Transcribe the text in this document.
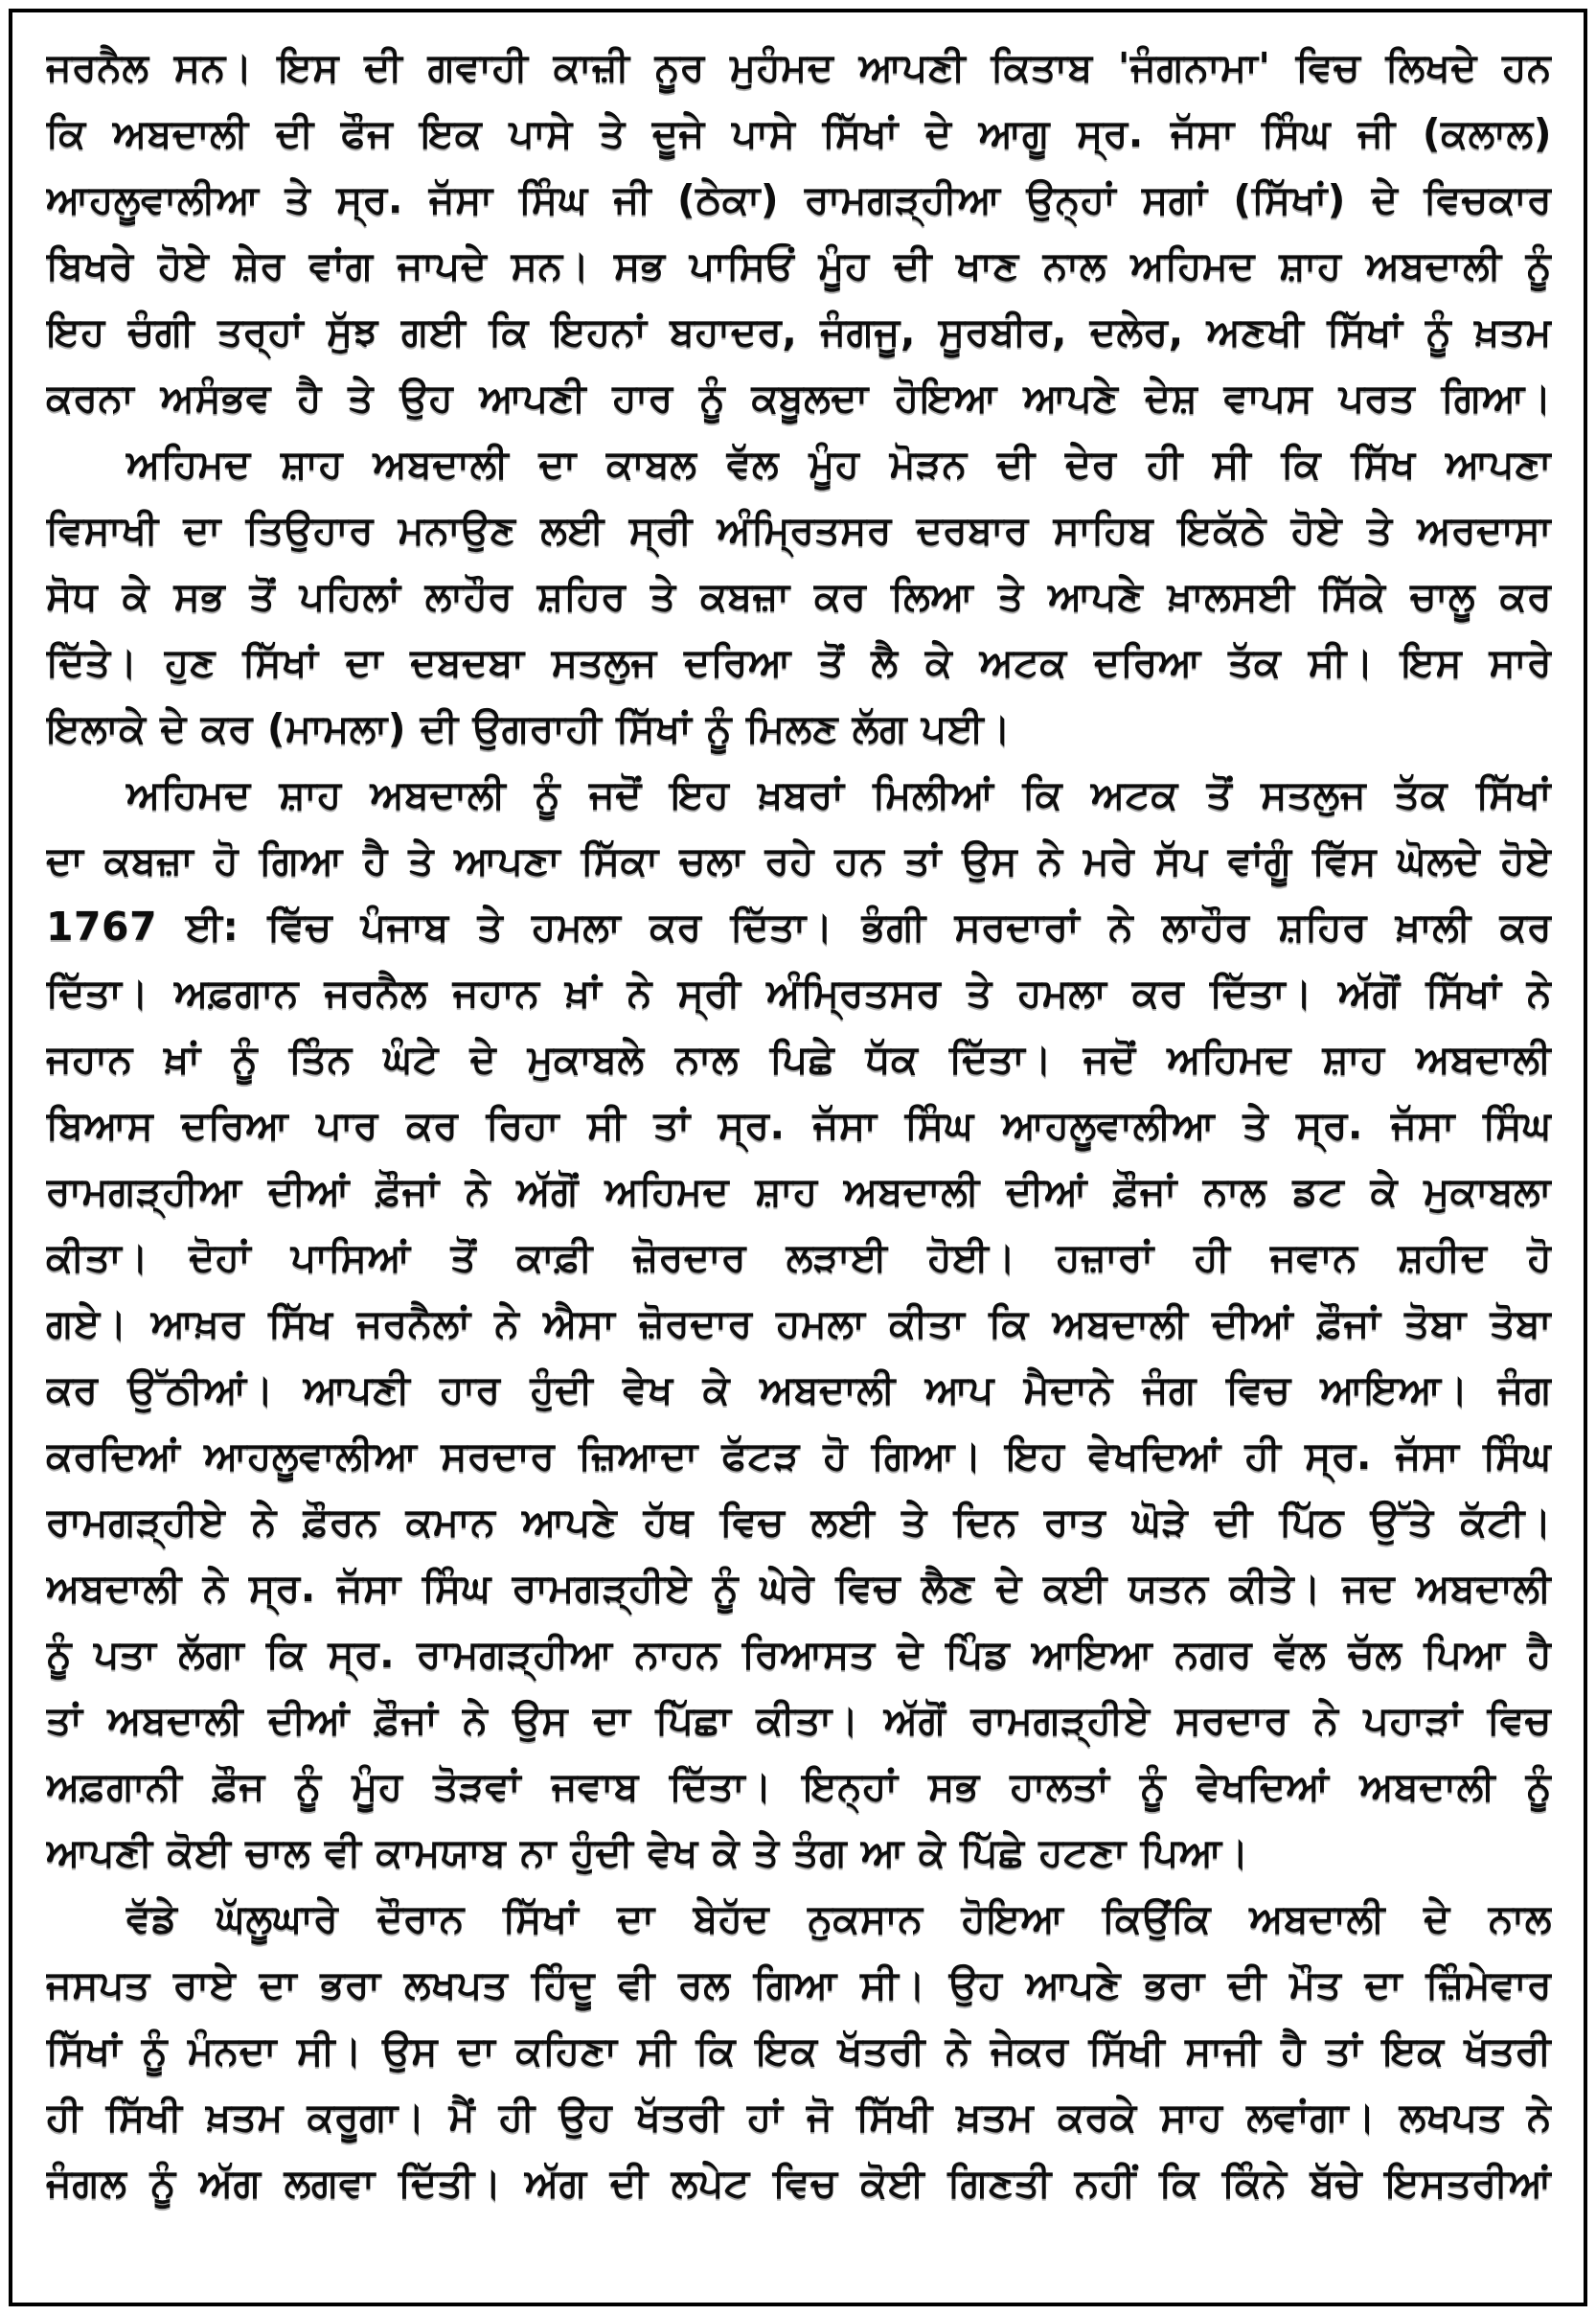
ਜਰਨੈਲ ਸਨ। ਇਸ ਦੀ ਗਵਾਹੀ ਕਾਜ਼ੀ ਨੂਰ ਮੁਹੰਮਦ ਆਪਣੀ ਕਿਤਾਬ 'ਜੰਗਨਾਮਾ' ਵਿਚ ਲਿਖਦੇ ਹਨ
ਕਿ ਅਬਦਾਲੀ ਦੀ ਫੌਜ ਇਕ ਪਾਸੇ ਤੇ ਦੂਜੇ ਪਾਸੇ ਸਿੱਖਾਂ ਦੇ ਆਗੂ ਸ੍ਰ. ਜੱਸਾ ਸਿੰਘ ਜੀ (ਕਲਾਲ)
ਆਹਲੂਵਾਲੀਆ ਤੇ ਸ੍ਰ. ਜੱਸਾ ਸਿੰਘ ਜੀ (ਠੇਕਾ) ਰਾਮਗੜ੍ਹੀਆ ਉਨ੍ਹਾਂ ਸਗਾਂ (ਸਿੱਖਾਂ) ਦੇ ਵਿਚਕਾਰ
ਬਿਖਰੇ ਹੋਏ ਸ਼ੇਰ ਵਾਂਗ ਜਾਪਦੇ ਸਨ। ਸਭ ਪਾਸਿਓਂ ਮੂੰਹ ਦੀ ਖਾਣ ਨਾਲ ਅਹਿਮਦ ਸ਼ਾਹ ਅਬਦਾਲੀ ਨੂੰ
ਇਹ ਚੰਗੀ ਤਰ੍ਹਾਂ ਸੁੱਝ ਗਈ ਕਿ ਇਹਨਾਂ ਬਹਾਦਰ, ਜੰਗਜੂ, ਸੂਰਬੀਰ, ਦਲੇਰ, ਅਣਖੀ ਸਿੱਖਾਂ ਨੂੰ ਖ਼ਤਮ
ਕਰਨਾ ਅਸੰਭਵ ਹੈ ਤੇ ਉਹ ਆਪਣੀ ਹਾਰ ਨੂੰ ਕਬੂਲਦਾ ਹੋਇਆ ਆਪਣੇ ਦੇਸ਼ ਵਾਪਸ ਪਰਤ ਗਿਆ।
ਅਹਿਮਦ ਸ਼ਾਹ ਅਬਦਾਲੀ ਦਾ ਕਾਬਲ ਵੱਲ ਮੂੰਹ ਮੋੜਨ ਦੀ ਦੇਰ ਹੀ ਸੀ ਕਿ ਸਿੱਖ ਆਪਣਾ
ਵਿਸਾਖੀ ਦਾ ਤਿਉਹਾਰ ਮਨਾਉਣ ਲਈ ਸ੍ਰੀ ਅੰਮ੍ਰਿਤਸਰ ਦਰਬਾਰ ਸਾਹਿਬ ਇਕੱਠੇ ਹੋਏ ਤੇ ਅਰਦਾਸਾ
ਸੋਧ ਕੇ ਸਭ ਤੋਂ ਪਹਿਲਾਂ ਲਾਹੌਰ ਸ਼ਹਿਰ ਤੇ ਕਬਜ਼ਾ ਕਰ ਲਿਆ ਤੇ ਆਪਣੇ ਖ਼ਾਲਸਈ ਸਿੱਕੇ ਚਾਲੂ ਕਰ
ਦਿੱਤੇ। ਹੁਣ ਸਿੱਖਾਂ ਦਾ ਦਬਦਬਾ ਸਤਲੁਜ ਦਰਿਆ ਤੋਂ ਲੈ ਕੇ ਅਟਕ ਦਰਿਆ ਤੱਕ ਸੀ। ਇਸ ਸਾਰੇ
ਇਲਾਕੇ ਦੇ ਕਰ (ਮਾਮਲਾ) ਦੀ ਉਗਰਾਹੀ ਸਿੱਖਾਂ ਨੂੰ ਮਿਲਣ ਲੱਗ ਪਈ।
ਅਹਿਮਦ ਸ਼ਾਹ ਅਬਦਾਲੀ ਨੂੰ ਜਦੋਂ ਇਹ ਖ਼ਬਰਾਂ ਮਿਲੀਆਂ ਕਿ ਅਟਕ ਤੋਂ ਸਤਲੁਜ ਤੱਕ ਸਿੱਖਾਂ
ਦਾ ਕਬਜ਼ਾ ਹੋ ਗਿਆ ਹੈ ਤੇ ਆਪਣਾ ਸਿੱਕਾ ਚਲਾ ਰਹੇ ਹਨ ਤਾਂ ਉਸ ਨੇ ਮਰੇ ਸੱਪ ਵਾਂਗੂੰ ਵਿੱਸ ਘੋਲਦੇ ਹੋਏ
1767 ਈ: ਵਿੱਚ ਪੰਜਾਬ ਤੇ ਹਮਲਾ ਕਰ ਦਿੱਤਾ। ਭੰਗੀ ਸਰਦਾਰਾਂ ਨੇ ਲਾਹੌਰ ਸ਼ਹਿਰ ਖ਼ਾਲੀ ਕਰ
ਦਿੱਤਾ। ਅਫ਼ਗਾਨ ਜਰਨੈਲ ਜਹਾਨ ਖ਼ਾਂ ਨੇ ਸ੍ਰੀ ਅੰਮ੍ਰਿਤਸਰ ਤੇ ਹਮਲਾ ਕਰ ਦਿੱਤਾ। ਅੱਗੋਂ ਸਿੱਖਾਂ ਨੇ
ਜਹਾਨ ਖ਼ਾਂ ਨੂੰ ਤਿੰਨ ਘੰਟੇ ਦੇ ਮੁਕਾਬਲੇ ਨਾਲ ਪਿਛੇ ਧੱਕ ਦਿੱਤਾ। ਜਦੋਂ ਅਹਿਮਦ ਸ਼ਾਹ ਅਬਦਾਲੀ
ਬਿਆਸ ਦਰਿਆ ਪਾਰ ਕਰ ਰਿਹਾ ਸੀ ਤਾਂ ਸ੍ਰ. ਜੱਸਾ ਸਿੰਘ ਆਹਲੂਵਾਲੀਆ ਤੇ ਸ੍ਰ. ਜੱਸਾ ਸਿੰਘ
ਰਾਮਗੜ੍ਹੀਆ ਦੀਆਂ ਫ਼ੌਜਾਂ ਨੇ ਅੱਗੋਂ ਅਹਿਮਦ ਸ਼ਾਹ ਅਬਦਾਲੀ ਦੀਆਂ ਫ਼ੌਜਾਂ ਨਾਲ ਡਟ ਕੇ ਮੁਕਾਬਲਾ
ਕੀਤਾ। ਦੋਹਾਂ ਪਾਸਿਆਂ ਤੋਂ ਕਾਫ਼ੀ ਜ਼ੋਰਦਾਰ ਲੜਾਈ ਹੋਈ। ਹਜ਼ਾਰਾਂ ਹੀ ਜਵਾਨ ਸ਼ਹੀਦ ਹੋ
ਗਏ। ਆਖ਼ਰ ਸਿੱਖ ਜਰਨੈਲਾਂ ਨੇ ਐਸਾ ਜ਼ੋਰਦਾਰ ਹਮਲਾ ਕੀਤਾ ਕਿ ਅਬਦਾਲੀ ਦੀਆਂ ਫ਼ੌਜਾਂ ਤੋਬਾ ਤੋਬਾ
ਕਰ ਉੱਠੀਆਂ। ਆਪਣੀ ਹਾਰ ਹੁੰਦੀ ਵੇਖ ਕੇ ਅਬਦਾਲੀ ਆਪ ਮੈਦਾਨੇ ਜੰਗ ਵਿਚ ਆਇਆ। ਜੰਗ
ਕਰਦਿਆਂ ਆਹਲੂਵਾਲੀਆ ਸਰਦਾਰ ਜ਼ਿਆਦਾ ਫੱਟੜ ਹੋ ਗਿਆ। ਇਹ ਵੇਖਦਿਆਂ ਹੀ ਸ੍ਰ. ਜੱਸਾ ਸਿੰਘ
ਰਾਮਗੜ੍ਹੀਏ ਨੇ ਫ਼ੌਰਨ ਕਮਾਨ ਆਪਣੇ ਹੱਥ ਵਿਚ ਲਈ ਤੇ ਦਿਨ ਰਾਤ ਘੋੜੇ ਦੀ ਪਿੱਠ ਉੱਤੇ ਕੱਟੀ।
ਅਬਦਾਲੀ ਨੇ ਸ੍ਰ. ਜੱਸਾ ਸਿੰਘ ਰਾਮਗੜ੍ਹੀਏ ਨੂੰ ਘੇਰੇ ਵਿਚ ਲੈਣ ਦੇ ਕਈ ਯਤਨ ਕੀਤੇ। ਜਦ ਅਬਦਾਲੀ
ਨੂੰ ਪਤਾ ਲੱਗਾ ਕਿ ਸ੍ਰ. ਰਾਮਗੜ੍ਹੀਆ ਨਾਹਨ ਰਿਆਸਤ ਦੇ ਪਿੰਡ ਆਇਆ ਨਗਰ ਵੱਲ ਚੱਲ ਪਿਆ ਹੈ
ਤਾਂ ਅਬਦਾਲੀ ਦੀਆਂ ਫ਼ੌਜਾਂ ਨੇ ਉਸ ਦਾ ਪਿੱਛਾ ਕੀਤਾ। ਅੱਗੋਂ ਰਾਮਗੜ੍ਹੀਏ ਸਰਦਾਰ ਨੇ ਪਹਾੜਾਂ ਵਿਚ
ਅਫ਼ਗਾਨੀ ਫ਼ੌਜ ਨੂੰ ਮੂੰਹ ਤੋੜਵਾਂ ਜਵਾਬ ਦਿੱਤਾ। ਇਨ੍ਹਾਂ ਸਭ ਹਾਲਤਾਂ ਨੂੰ ਵੇਖਦਿਆਂ ਅਬਦਾਲੀ ਨੂੰ
ਆਪਣੀ ਕੋਈ ਚਾਲ ਵੀ ਕਾਮਯਾਬ ਨਾ ਹੁੰਦੀ ਵੇਖ ਕੇ ਤੇ ਤੰਗ ਆ ਕੇ ਪਿੱਛੇ ਹਟਣਾ ਪਿਆ।
ਵੱਡੇ ਘੱਲੂਘਾਰੇ ਦੌਰਾਨ ਸਿੱਖਾਂ ਦਾ ਬੇਹੱਦ ਨੁਕਸਾਨ ਹੋਇਆ ਕਿਉਂਕਿ ਅਬਦਾਲੀ ਦੇ ਨਾਲ
ਜਸਪਤ ਰਾਏ ਦਾ ਭਰਾ ਲਖਪਤ ਹਿੰਦੂ ਵੀ ਰਲ ਗਿਆ ਸੀ। ਉਹ ਆਪਣੇ ਭਰਾ ਦੀ ਮੌਤ ਦਾ ਜ਼ਿੰਮੇਵਾਰ
ਸਿੱਖਾਂ ਨੂੰ ਮੰਨਦਾ ਸੀ। ਉਸ ਦਾ ਕਹਿਣਾ ਸੀ ਕਿ ਇਕ ਖੱਤਰੀ ਨੇ ਜੇਕਰ ਸਿੱਖੀ ਸਾਜੀ ਹੈ ਤਾਂ ਇਕ ਖੱਤਰੀ
ਹੀ ਸਿੱਖੀ ਖ਼ਤਮ ਕਰੂਗਾ। ਮੈਂ ਹੀ ਉਹ ਖੱਤਰੀ ਹਾਂ ਜੋ ਸਿੱਖੀ ਖ਼ਤਮ ਕਰਕੇ ਸਾਹ ਲਵਾਂਗਾ। ਲਖਪਤ ਨੇ
ਜੰਗਲ ਨੂੰ ਅੱਗ ਲਗਵਾ ਦਿੱਤੀ। ਅੱਗ ਦੀ ਲਪੇਟ ਵਿਚ ਕੋਈ ਗਿਣਤੀ ਨਹੀਂ ਕਿ ਕਿੰਨੇ ਬੱਚੇ ਇਸਤਰੀਆਂ
